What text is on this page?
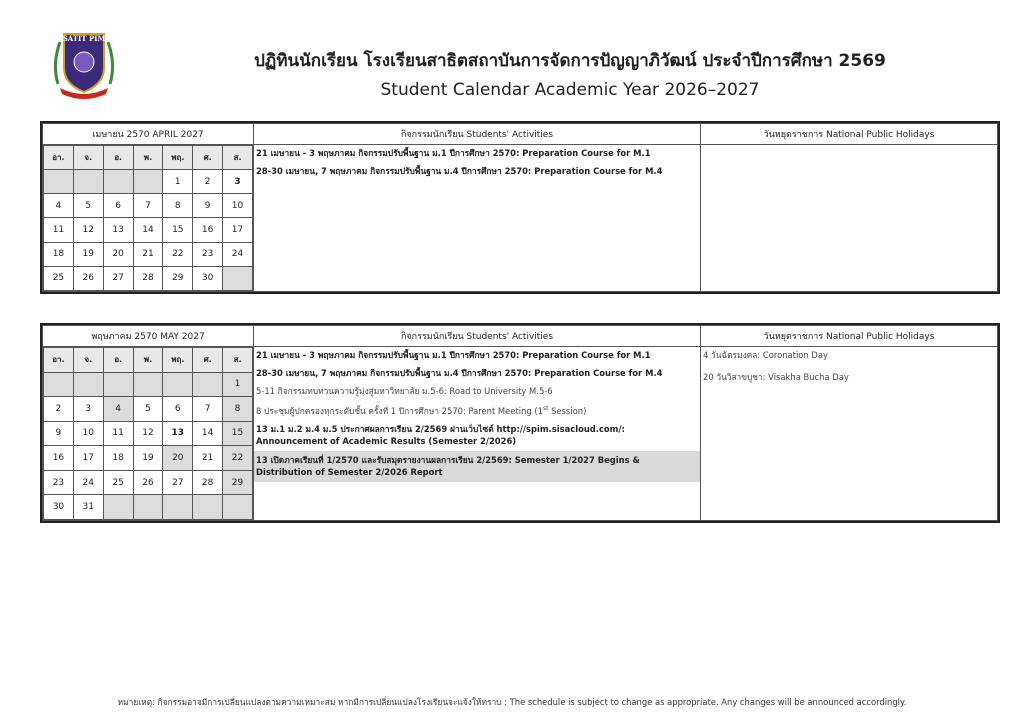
SATIT PIM
ปฏิทินนักเรียน โรงเรียนสาธิตสถาบันการจัดการปัญญาภิวัฒน์ ประจำปีการศึกษา 2569
Student Calendar Academic Year 2026–2027
เมษายน 2570 APRIL 2027	กิจกรรมนักเรียน Students' Activities	วันหยุดราชการ National Public Holidays

อา.	จ.	อ.	พ.	พฤ.	ศ.	ส.
				1	2	3
4	5	6	7	8	9	10
11	12	13	14	15	16	17
18	19	20	21	22	23	24
25	26	27	28	29	30	

21 เมษายน - 3 พฤษภาคม กิจกรรมปรับพื้นฐาน ม.1 ปีการศึกษา 2570: Preparation Course for M.1
28-30 เมษายน, 7 พฤษภาคม กิจกรรมปรับพื้นฐาน ม.4 ปีการศึกษา 2570: Preparation Course for M.4

พฤษภาคม 2570 MAY 2027	กิจกรรมนักเรียน Students' Activities	วันหยุดราชการ National Public Holidays

อา.	จ.	อ.	พ.	พฤ.	ศ.	ส.
						1
2	3	4	5	6	7	8
9	10	11	12	13	14	15
16	17	18	19	20	21	22
23	24	25	26	27	28	29
30	31					

21 เมษายน - 3 พฤษภาคม กิจกรรมปรับพื้นฐาน ม.1 ปีการศึกษา 2570: Preparation Course for M.1
28-30 เมษายน, 7 พฤษภาคม กิจกรรมปรับพื้นฐาน ม.4 ปีการศึกษา 2570: Preparation Course for M.4
5-11 กิจกรรมทบทวนความรู้มุ่งสู่มหาวิทยาลัย ม.5-6: Road to University M.5-6
8 ประชุมผู้ปกครองทุกระดับชั้น ครั้งที่ 1 ปีการศึกษา 2570: Parent Meeting (1st Session)
13 ม.1 ม.2 ม.4 ม.5 ประกาศผลการเรียน 2/2569 ผ่านเว็บไซต์ http://spim.sisacloud.com/: Announcement of Academic Results (Semester 2/2026)
13 เปิดภาคเรียนที่ 1/2570 และรับสมุดรายงานผลการเรียน 2/2569: Semester 1/2027 Begins & Distribution of Semester 2/2026 Report

4 วันฉัตรมงคล: Coronation Day
20 วันวิสาขบูชา: Visakha Bucha Day
หมายเหตุ: กิจกรรมอาจมีการเปลี่ยนแปลงตามความเหมาะสม หากมีการเปลี่ยนแปลงโรงเรียนจะแจ้งให้ทราบ : The schedule is subject to change as appropriate. Any changes will be announced accordingly.
